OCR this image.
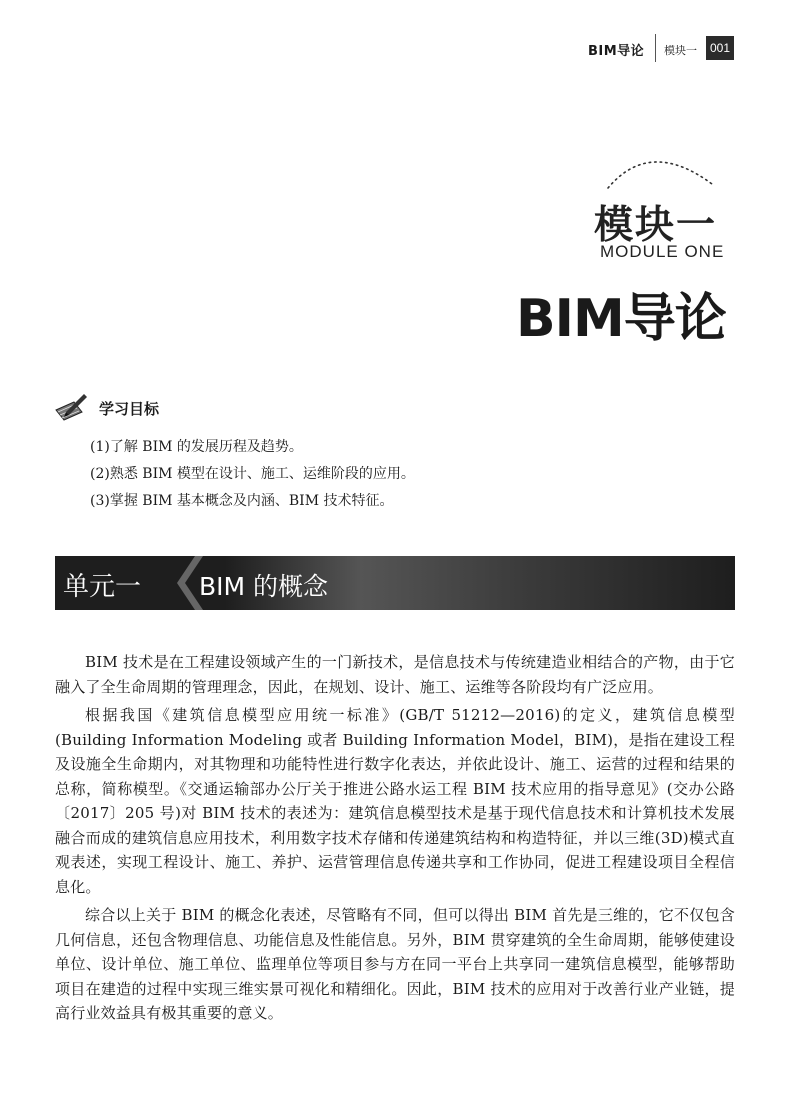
BIM导论 模块一	001
模块一
MODULE ONE
BIM导论
学习目标
(1)了解 BIM 的发展历程及趋势。
(2)熟悉 BIM 模型在设计、施工、运维阶段的应用。
(3)掌握 BIM 基本概念及内涵、BIM 技术特征。
单元一 BIM 的概念

BIM 技术是在工程建设领域产生的一门新技术，是信息技术与传统建造业相结合的产物，由于它融入了全生命周期的管理理念，因此，在规划、设计、施工、运维等各阶段均有广泛应用。

根据我国《建筑信息模型应用统一标准》(GB/T 51212—2016)的定义，建筑信息模型(Building Information Modeling 或者 Building Information Model，BIM)，是指在建设工程及设施全生命期内，对其物理和功能特性进行数字化表达，并依此设计、施工、运营的过程和结果的总称，简称模型。《交通运输部办公厅关于推进公路水运工程 BIM 技术应用的指导意见》(交办公路〔2017〕205 号)对 BIM 技术的表述为：建筑信息模型技术是基于现代信息技术和计算机技术发展融合而成的建筑信息应用技术，利用数字技术存储和传递建筑结构和构造特征，并以三维(3D)模式直观表述，实现工程设计、施工、养护、运营管理信息传递共享和工作协同，促进工程建设项目全程信息化。

综合以上关于 BIM 的概念化表述，尽管略有不同，但可以得出 BIM 首先是三维的，它不仅包含几何信息，还包含物理信息、功能信息及性能信息。另外，BIM 贯穿建筑的全生命周期，能够使建设单位、设计单位、施工单位、监理单位等项目参与方在同一平台上共享同一建筑信息模型，能够帮助项目在建造的过程中实现三维实景可视化和精细化。因此，BIM 技术的应用对于改善行业产业链，提高行业效益具有极其重要的意义。
